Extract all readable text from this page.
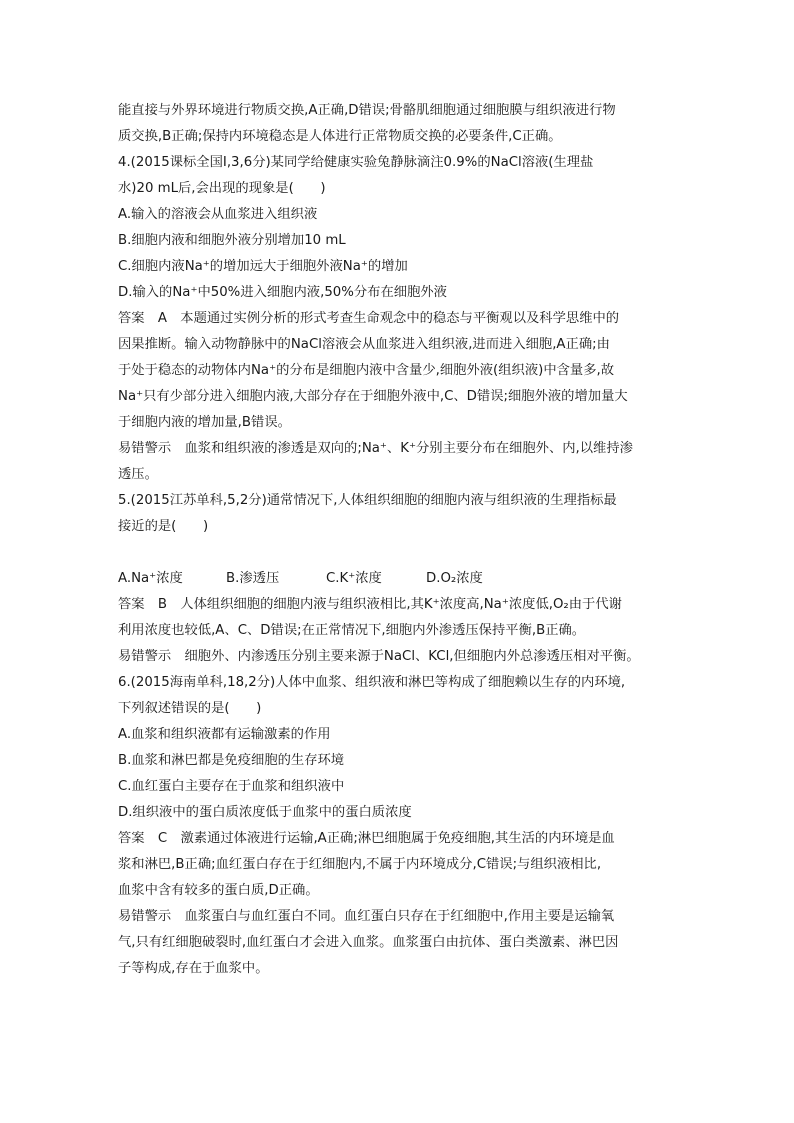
能直接与外界环境进行物质交换,A正确,D错误;骨骼肌细胞通过细胞膜与组织液进行物
质交换,B正确;保持内环境稳态是人体进行正常物质交换的必要条件,C正确。
4.(2015课标全国Ⅰ,3,6分)某同学给健康实验兔静脉滴注0.9%的NaCl溶液(生理盐
水)20 mL后,会出现的现象是(　　)
A.输入的溶液会从血浆进入组织液
B.细胞内液和细胞外液分别增加10 mL
C.细胞内液Na⁺的增加远大于细胞外液Na⁺的增加
D.输入的Na⁺中50%进入细胞内液,50%分布在细胞外液
答案　A　本题通过实例分析的形式考查生命观念中的稳态与平衡观以及科学思维中的
因果推断。输入动物静脉中的NaCl溶液会从血浆进入组织液,进而进入细胞,A正确;由
于处于稳态的动物体内Na⁺的分布是细胞内液中含量少,细胞外液(组织液)中含量多,故
Na⁺只有少部分进入细胞内液,大部分存在于细胞外液中,C、D错误;细胞外液的增加量大
于细胞内液的增加量,B错误。
易错警示　血浆和组织液的渗透是双向的;Na⁺、K⁺分别主要分布在细胞外、内,以维持渗
透压。
5.(2015江苏单科,5,2分)通常情况下,人体组织细胞的细胞内液与组织液的生理指标最
接近的是(　　)
A.Na⁺浓度	B.渗透压	C.K⁺浓度	D.O₂浓度
答案　B　人体组织细胞的细胞内液与组织液相比,其K⁺浓度高,Na⁺浓度低,O₂由于代谢
利用浓度也较低,A、C、D错误;在正常情况下,细胞内外渗透压保持平衡,B正确。
易错警示　细胞外、内渗透压分别主要来源于NaCl、KCl,但细胞内外总渗透压相对平衡。
6.(2015海南单科,18,2分)人体中血浆、组织液和淋巴等构成了细胞赖以生存的内环境,
下列叙述错误的是(　　)
A.血浆和组织液都有运输激素的作用
B.血浆和淋巴都是免疫细胞的生存环境
C.血红蛋白主要存在于血浆和组织液中
D.组织液中的蛋白质浓度低于血浆中的蛋白质浓度
答案　C　激素通过体液进行运输,A正确;淋巴细胞属于免疫细胞,其生活的内环境是血
浆和淋巴,B正确;血红蛋白存在于红细胞内,不属于内环境成分,C错误;与组织液相比,
血浆中含有较多的蛋白质,D正确。
易错警示　血浆蛋白与血红蛋白不同。血红蛋白只存在于红细胞中,作用主要是运输氧
气,只有红细胞破裂时,血红蛋白才会进入血浆。血浆蛋白由抗体、蛋白类激素、淋巴因
子等构成,存在于血浆中。
